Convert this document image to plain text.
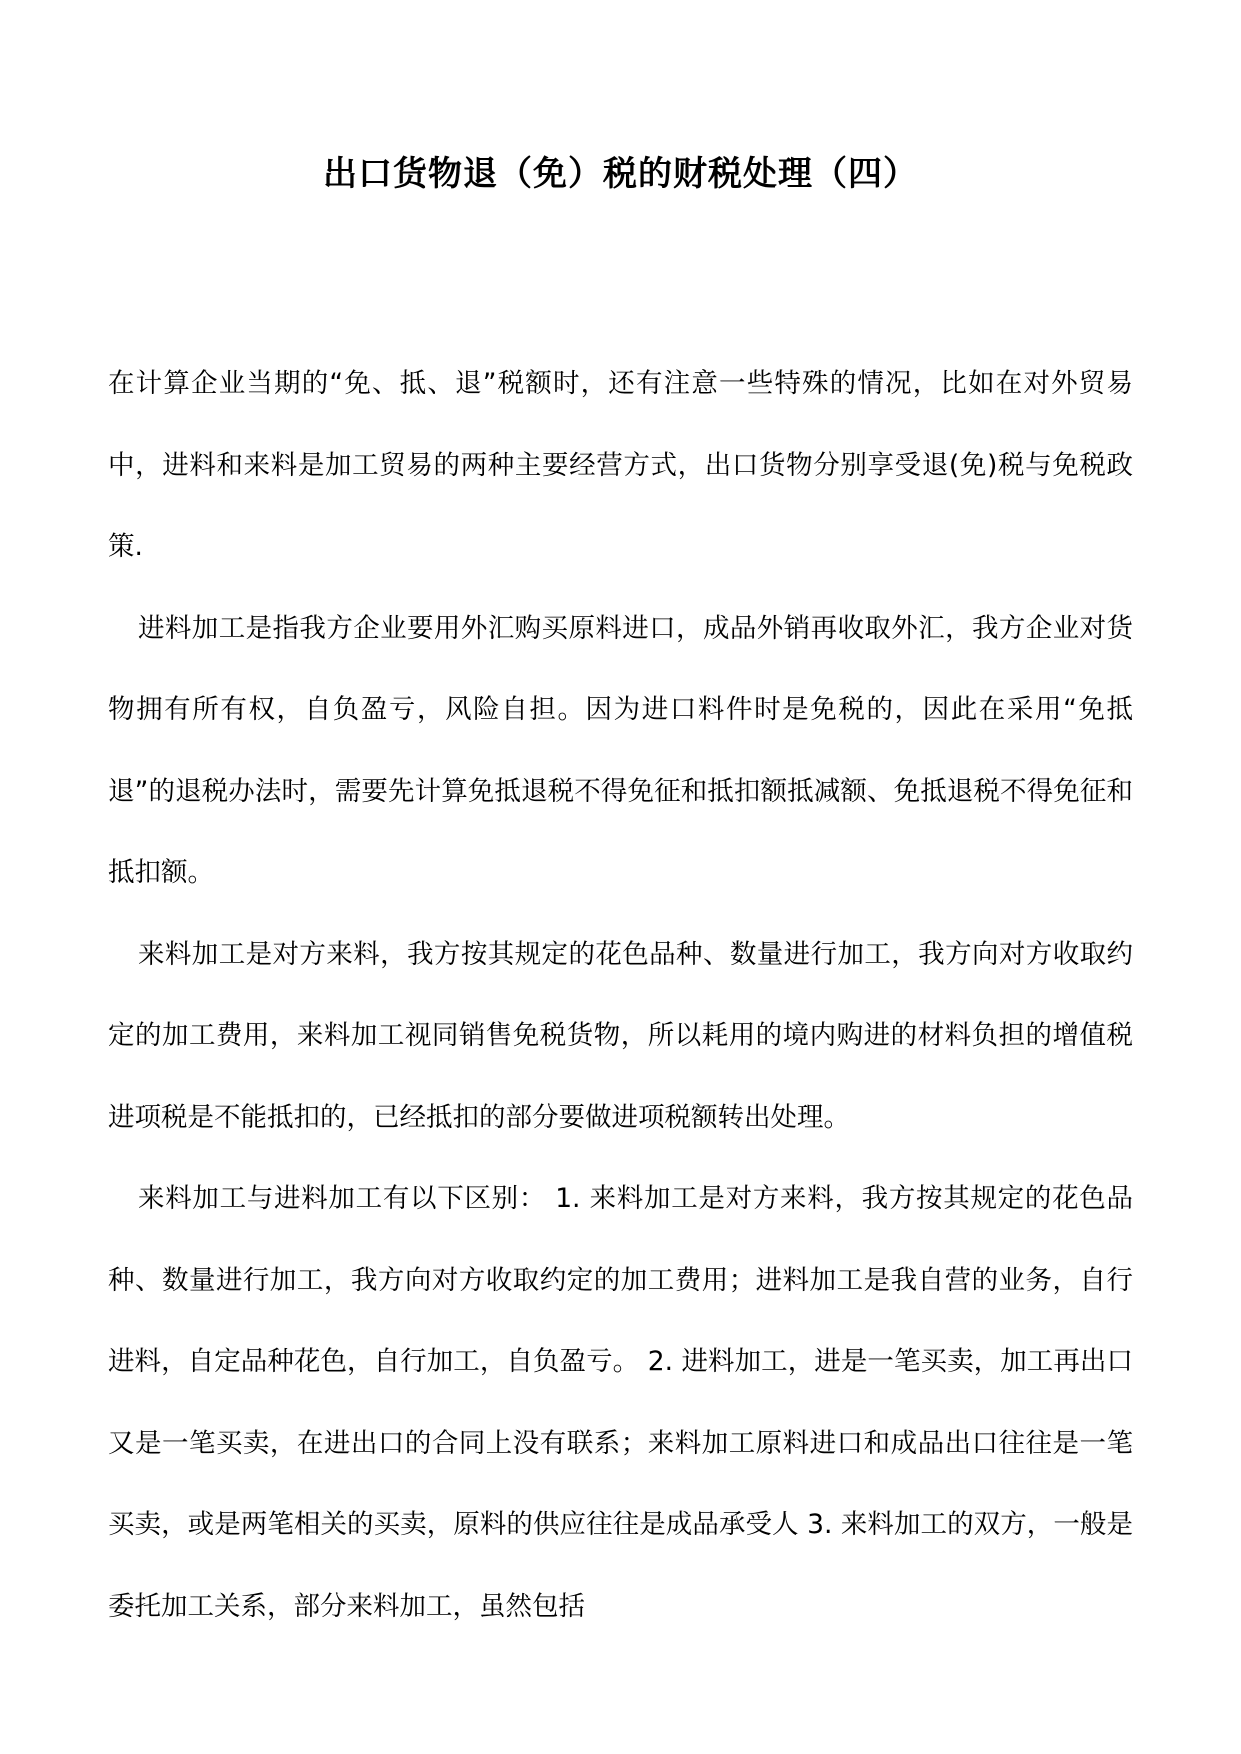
出口货物退（免）税的财税处理（四）

在计算企业当期的“免、抵、退”税额时，还有注意一些特殊的情况，比如在对外贸易中，进料和来料是加工贸易的两种主要经营方式，出口货物分别享受退(免)税与免税政策.

进料加工是指我方企业要用外汇购买原料进口，成品外销再收取外汇，我方企业对货物拥有所有权，自负盈亏，风险自担。因为进口料件时是免税的，因此在采用“免抵退”的退税办法时，需要先计算免抵退税不得免征和抵扣额抵减额、免抵退税不得免征和抵扣额。

来料加工是对方来料，我方按其规定的花色品种、数量进行加工，我方向对方收取约定的加工费用，来料加工视同销售免税货物，所以耗用的境内购进的材料负担的增值税进项税是不能抵扣的，已经抵扣的部分要做进项税额转出处理。

来料加工与进料加工有以下区别： 1. 来料加工是对方来料，我方按其规定的花色品种、数量进行加工，我方向对方收取约定的加工费用；进料加工是我自营的业务，自行进料，自定品种花色，自行加工，自负盈亏。 2. 进料加工，进是一笔买卖，加工再出口又是一笔买卖，在进出口的合同上没有联系；来料加工原料进口和成品出口往往是一笔买卖，或是两笔相关的买卖，原料的供应往往是成品承受人 3. 来料加工的双方，一般是委托加工关系，部分来料加工，虽然包括
